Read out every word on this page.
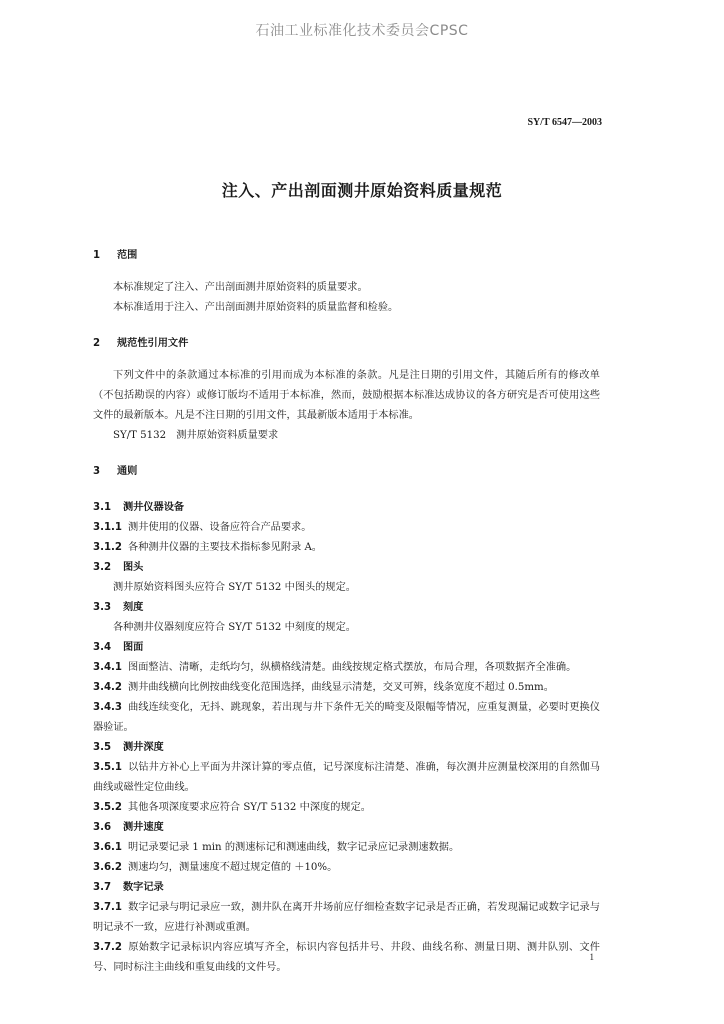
石油工业标准化技术委员会CPSC
SY/T 6547—2003
注入、产出剖面测井原始资料质量规范
1 范围

本标准规定了注入、产出剖面测井原始资料的质量要求。

本标准适用于注入、产出剖面测井原始资料的质量监督和检验。

2 规范性引用文件

下列文件中的条款通过本标准的引用而成为本标准的条款。凡是注日期的引用文件，其随后所有的修改单（不包括勘误的内容）或修订版均不适用于本标准，然而，鼓励根据本标准达成协议的各方研究是否可使用这些文件的最新版本。凡是不注日期的引用文件，其最新版本适用于本标准。

SY/T 5132　测井原始资料质量要求

3 通则
3.1 测井仪器设备

3.1.1 测井使用的仪器、设备应符合产品要求。

3.1.2 各种测井仪器的主要技术指标参见附录 A。

3.2 图头

测井原始资料图头应符合 SY/T 5132 中图头的规定。

3.3 刻度

各种测井仪器刻度应符合 SY/T 5132 中刻度的规定。

3.4 图面

3.4.1 图面整洁、清晰，走纸均匀，纵横格线清楚。曲线按规定格式摆放，布局合理，各项数据齐全准确。

3.4.2 测井曲线横向比例按曲线变化范围选择，曲线显示清楚，交叉可辨，线条宽度不超过 0.5mm。

3.4.3 曲线连续变化，无抖、跳现象，若出现与井下条件无关的畸变及限幅等情况，应重复测量，必要时更换仪器验证。

3.5 测井深度

3.5.1 以钻井方补心上平面为井深计算的零点值，记号深度标注清楚、准确，每次测井应测量校深用的自然伽马曲线或磁性定位曲线。

3.5.2 其他各项深度要求应符合 SY/T 5132 中深度的规定。

3.6 测井速度

3.6.1 明记录要记录 1 min 的测速标记和测速曲线，数字记录应记录测速数据。

3.6.2 测速均匀，测量速度不超过规定值的 ＋10%。

3.7 数字记录

3.7.1 数字记录与明记录应一致，测井队在离开井场前应仔细检查数字记录是否正确，若发现漏记或数字记录与明记录不一致，应进行补测或重测。

3.7.2 原始数字记录标识内容应填写齐全，标识内容包括井号、井段、曲线名称、测量日期、测井队别、文件号、同时标注主曲线和重复曲线的文件号。

1
